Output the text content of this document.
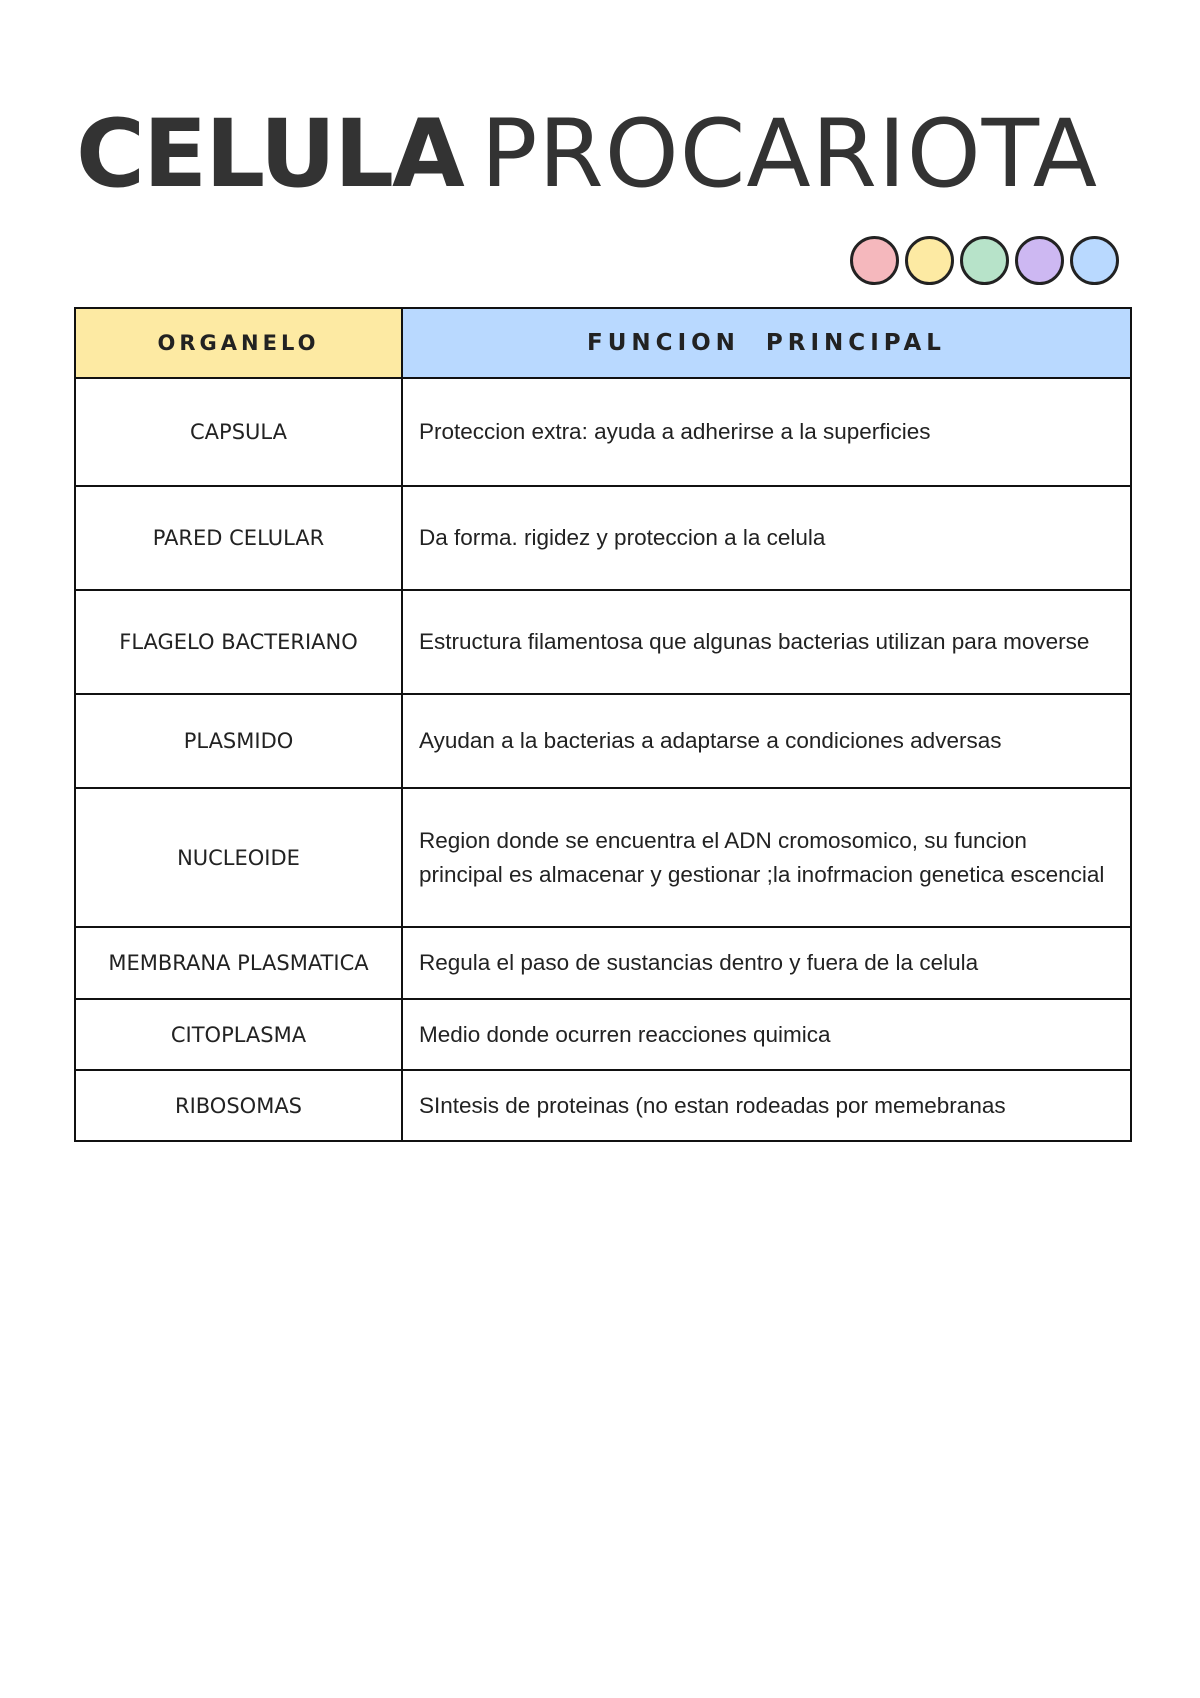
CELULA PROCARIOTA
ORGANELO	FUNCION  PRINCIPAL
CAPSULA	Proteccion extra: ayuda a adherirse a la superficies
PARED CELULAR	Da forma. rigidez y proteccion a la celula
FLAGELO BACTERIANO	Estructura filamentosa que algunas bacterias utilizan para moverse
PLASMIDO	Ayudan a la bacterias a adaptarse a condiciones adversas
NUCLEOIDE	Region donde se encuentra el ADN cromosomico, su funcion principal es almacenar y gestionar ;la inofrmacion genetica escencial
MEMBRANA PLASMATICA	Regula el paso de sustancias dentro y fuera de la celula
CITOPLASMA	Medio donde ocurren reacciones quimica
RIBOSOMAS	SIntesis de proteinas (no estan rodeadas por memebranas
